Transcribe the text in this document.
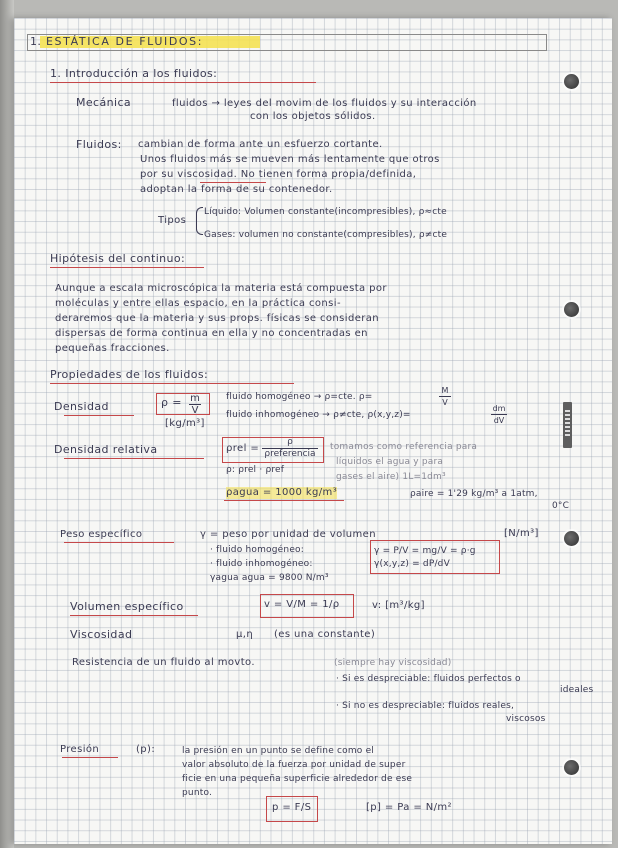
1. ESTÁTICA DE FLUIDOS:
1. Introducción a los fluidos:
Mecánica	fluidos → leyes del movim de los fluidos y su interacción
con los objetos sólidos.
Fluidos: cambian de forma ante un esfuerzo cortante.
Unos fluidos más se mueven más lentamente que otros
por su viscosidad. No tienen forma propia/definida,
adoptan la forma de su contenedor.
Tipos
Líquido: Volumen constante(incompresibles), ρ≈cte
Gases: volumen no constante(compresibles), ρ≠cte
Hipótesis del continuo:
Aunque a escala microscópica la materia está compuesta por
moléculas y entre ellas espacio, en la práctica consi-
deraremos que la materia y sus props. físicas se consideran
dispersas de forma continua en ella y no concentradas en
pequeñas fracciones.
Propiedades de los fluidos:
Densidad	ρ = m
V
[kg/m³]
fluido homogéneo → ρ=cte. ρ=
M
V
fluido inhomogéneo → ρ≠cte, ρ(x,y,z)=
dm
dV
Densidad relativa	ρrel =
ρ
ρreferencia
tomamos como referencia para
líquidos el agua y para
gases el aire) 1L=1dm³
ρ: ρrel · ρref
ρagua = 1000 kg/m³	ρaire = 1'29 kg/m³ a 1atm,
0°C
Peso específico	γ = peso por unidad de volumen	[N/m³]
· fluido homogéneo:
· fluido inhomogéneo:
γagua agua = 9800 N/m³
γ = P/V = mg/V = ρ·g
γ(x,y,z) = dP/dV
Volumen específico	v = V/M = 1/ρ	v: [m³/kg]
Viscosidad	μ,η (es una constante)
Resistencia de un fluido al movto.	(siempre hay viscosidad)
· Si es despreciable: fluidos perfectos o
ideales
· Si no es despreciable: fluidos reales,
viscosos
Presión	(p):	la presión en un punto se define como el
valor absoluto de la fuerza por unidad de super
ficie en una pequeña superficie alrededor de ese
punto.
p = F/S	[p] = Pa = N/m²
